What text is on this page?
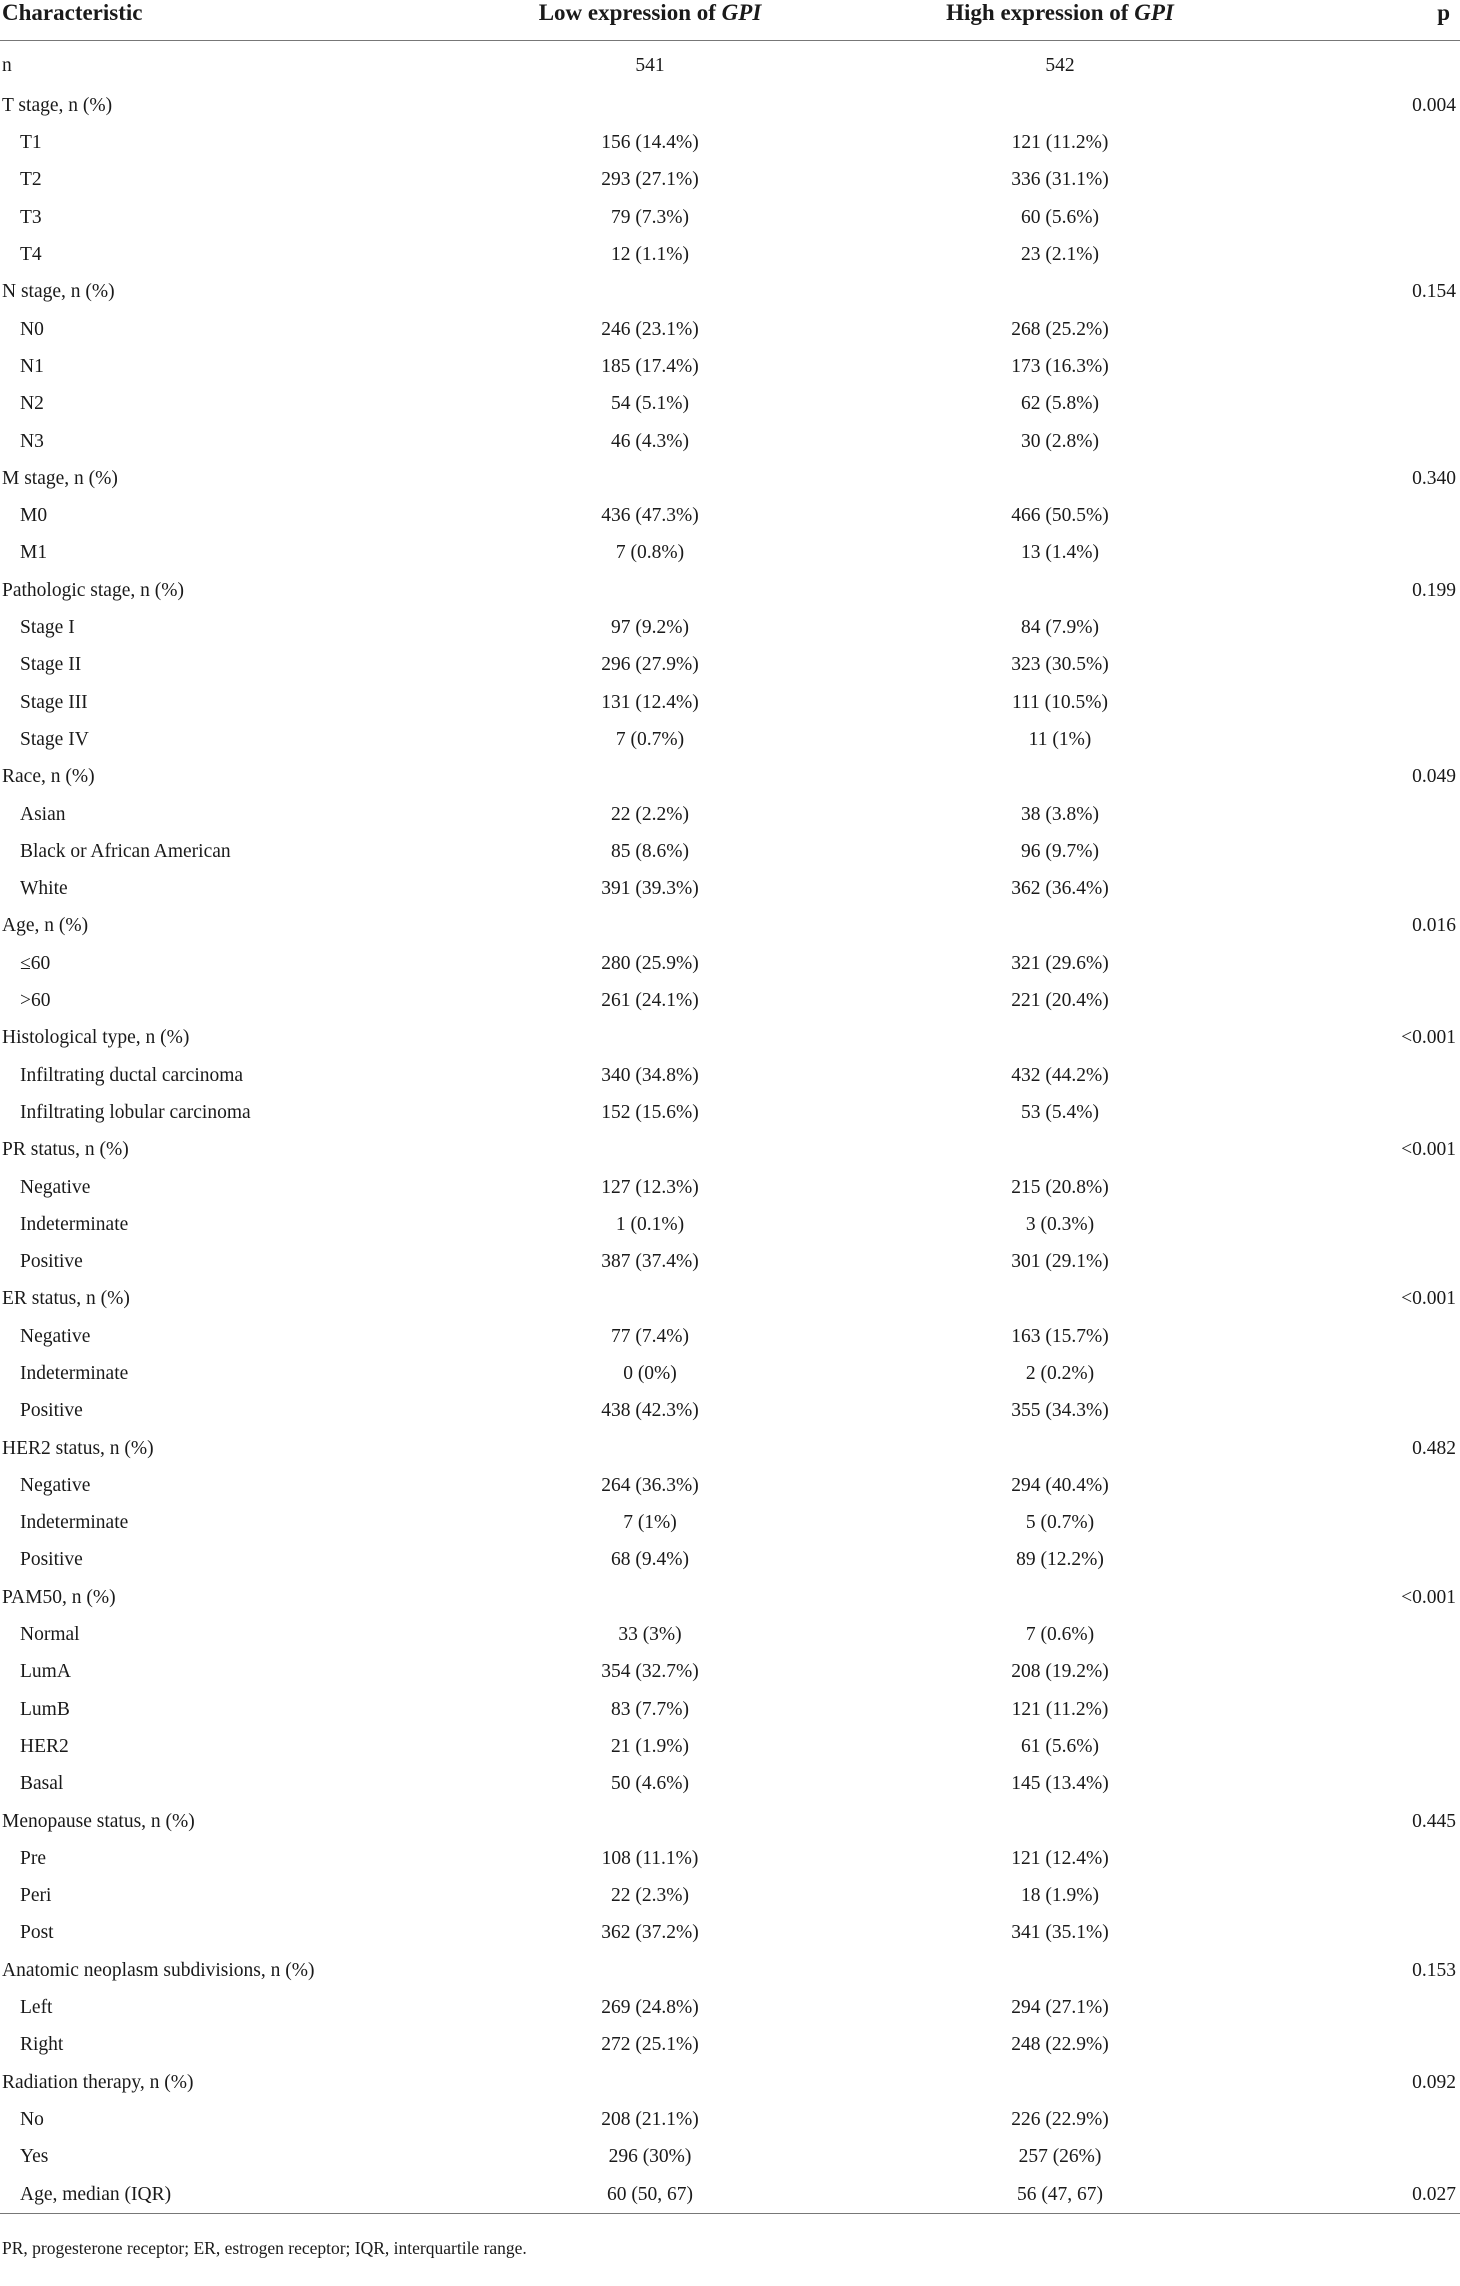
Characteristic	Low expression of GPI	High expression of GPI	p
n	541	542	
T stage, n (%)			0.004
T1	156 (14.4%)	121 (11.2%)	
T2	293 (27.1%)	336 (31.1%)	
T3	79 (7.3%)	60 (5.6%)	
T4	12 (1.1%)	23 (2.1%)	
N stage, n (%)			0.154
N0	246 (23.1%)	268 (25.2%)	
N1	185 (17.4%)	173 (16.3%)	
N2	54 (5.1%)	62 (5.8%)	
N3	46 (4.3%)	30 (2.8%)	
M stage, n (%)			0.340
M0	436 (47.3%)	466 (50.5%)	
M1	7 (0.8%)	13 (1.4%)	
Pathologic stage, n (%)			0.199
Stage I	97 (9.2%)	84 (7.9%)	
Stage II	296 (27.9%)	323 (30.5%)	
Stage III	131 (12.4%)	111 (10.5%)	
Stage IV	7 (0.7%)	11 (1%)	
Race, n (%)			0.049
Asian	22 (2.2%)	38 (3.8%)	
Black or African American	85 (8.6%)	96 (9.7%)	
White	391 (39.3%)	362 (36.4%)	
Age, n (%)			0.016
≤60	280 (25.9%)	321 (29.6%)	
>60	261 (24.1%)	221 (20.4%)	
Histological type, n (%)			<0.001
Infiltrating ductal carcinoma	340 (34.8%)	432 (44.2%)	
Infiltrating lobular carcinoma	152 (15.6%)	53 (5.4%)	
PR status, n (%)			<0.001
Negative	127 (12.3%)	215 (20.8%)	
Indeterminate	1 (0.1%)	3 (0.3%)	
Positive	387 (37.4%)	301 (29.1%)	
ER status, n (%)			<0.001
Negative	77 (7.4%)	163 (15.7%)	
Indeterminate	0 (0%)	2 (0.2%)	
Positive	438 (42.3%)	355 (34.3%)	
HER2 status, n (%)			0.482
Negative	264 (36.3%)	294 (40.4%)	
Indeterminate	7 (1%)	5 (0.7%)	
Positive	68 (9.4%)	89 (12.2%)	
PAM50, n (%)			<0.001
Normal	33 (3%)	7 (0.6%)	
LumA	354 (32.7%)	208 (19.2%)	
LumB	83 (7.7%)	121 (11.2%)	
HER2	21 (1.9%)	61 (5.6%)	
Basal	50 (4.6%)	145 (13.4%)	
Menopause status, n (%)			0.445
Pre	108 (11.1%)	121 (12.4%)	
Peri	22 (2.3%)	18 (1.9%)	
Post	362 (37.2%)	341 (35.1%)	
Anatomic neoplasm subdivisions, n (%)			0.153
Left	269 (24.8%)	294 (27.1%)	
Right	272 (25.1%)	248 (22.9%)	
Radiation therapy, n (%)			0.092
No	208 (21.1%)	226 (22.9%)	
Yes	296 (30%)	257 (26%)	
Age, median (IQR)	60 (50, 67)	56 (47, 67)	0.027
PR, progesterone receptor; ER, estrogen receptor; IQR, interquartile range.
